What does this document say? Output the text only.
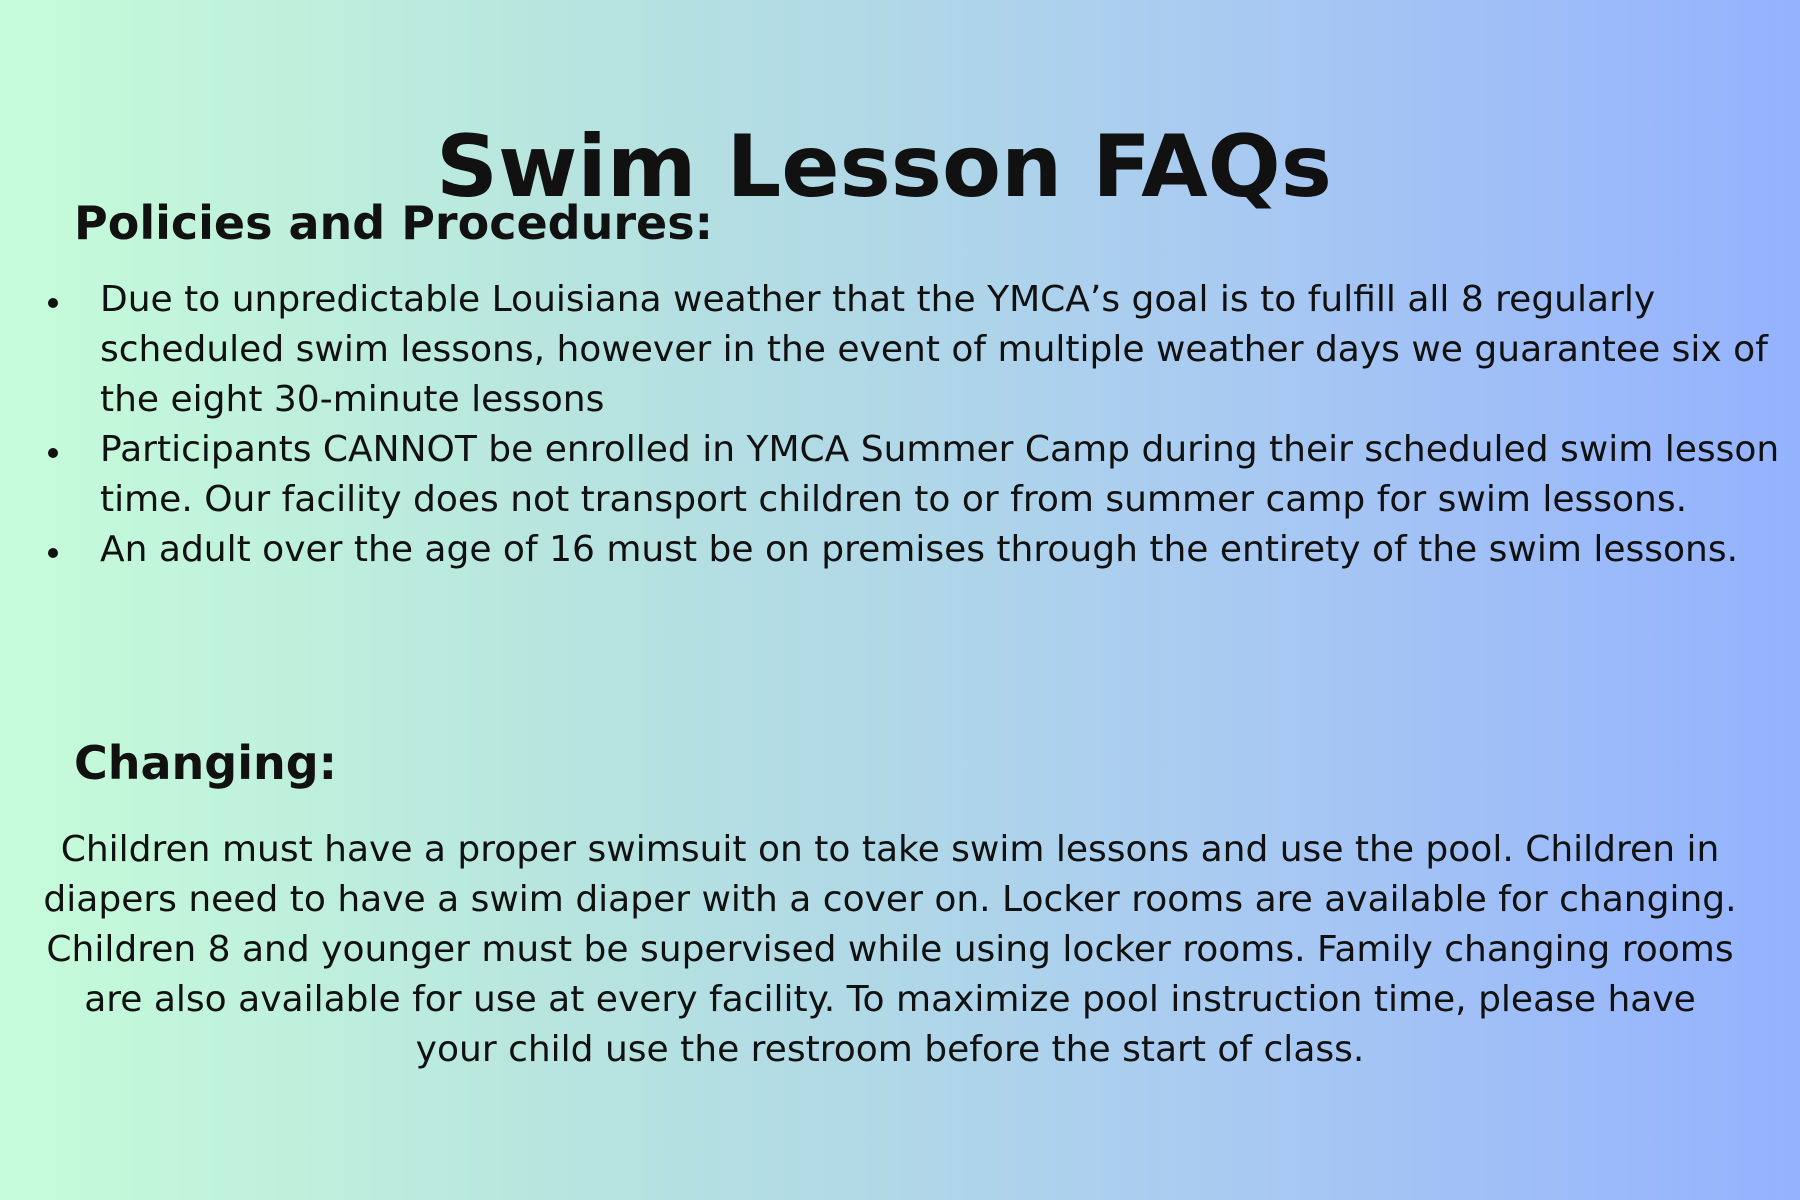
Swim Lesson FAQs
Policies and Procedures:
Due to unpredictable Louisiana weather that the YMCA’s goal is to fulfill all 8 regularly scheduled swim lessons, however in the event of multiple weather days we guarantee six of the eight 30-minute lessons
Participants CANNOT be enrolled in YMCA Summer Camp during their scheduled swim lesson time. Our facility does not transport children to or from summer camp for swim lessons.
An adult over the age of 16 must be on premises through the entirety of the swim lessons.
Changing:

Children must have a proper swimsuit on to take swim lessons and use the pool. Children in diapers need to have a swim diaper with a cover on. Locker rooms are available for changing. Children 8 and younger must be supervised while using locker rooms. Family changing rooms are also available for use at every facility. To maximize pool instruction time, please have your child use the restroom before the start of class.
